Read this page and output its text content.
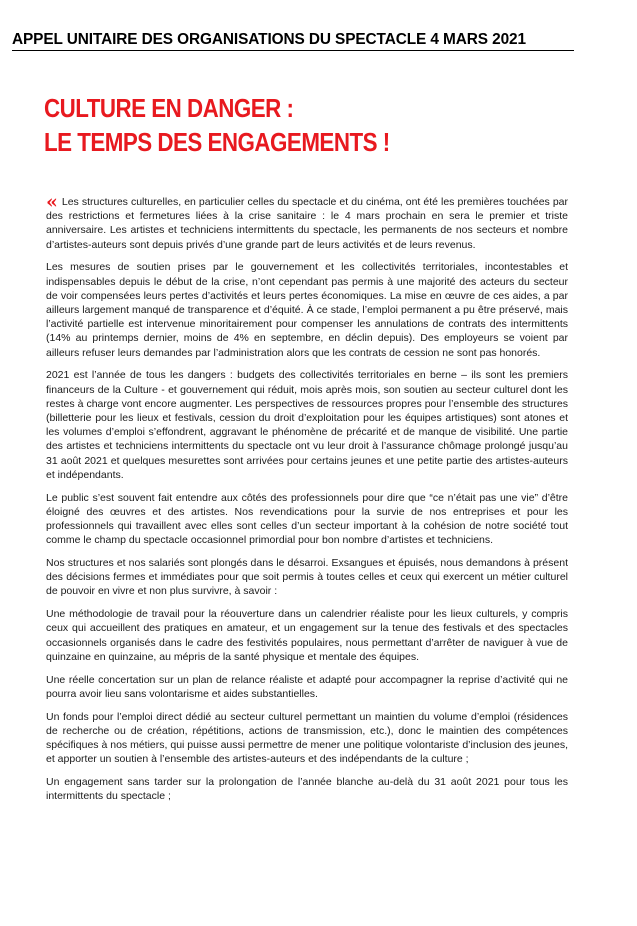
APPEL UNITAIRE DES ORGANISATIONS DU SPECTACLE 4 MARS 2021
CULTURE EN DANGER :
LE TEMPS DES ENGAGEMENTS !

« Les structures culturelles, en particulier celles du spectacle et du cinéma, ont été les premières touchées par des restrictions et fermetures liées à la crise sanitaire : le 4 mars prochain en sera le premier et triste anniversaire. Les artistes et techniciens intermittents du spectacle, les permanents de nos secteurs et nombre d’artistes-auteurs sont depuis privés d’une grande part de leurs activités et de leurs revenus.

Les mesures de soutien prises par le gouvernement et les collectivités territoriales, incontestables et indispensables depuis le début de la crise, n’ont cependant pas permis à une majorité des acteurs du secteur de voir compensées leurs pertes d’activités et leurs pertes économiques. La mise en œuvre de ces aides, a par ailleurs largement manqué de transparence et d’équité. À ce stade, l’emploi permanent a pu être préservé, mais l’activité partielle est intervenue minoritairement pour compenser les annulations de contrats des intermittents (14% au printemps dernier, moins de 4% en septembre, en déclin depuis). Des employeurs se voient par ailleurs refuser leurs demandes par l’administration alors que les contrats de cession ne sont pas honorés.

2021 est l’année de tous les dangers : budgets des collectivités territoriales en berne – ils sont les premiers financeurs de la Culture - et gouvernement qui réduit, mois après mois, son soutien au secteur culturel dont les restes à charge vont encore augmenter. Les perspectives de ressources propres pour l’ensemble des structures (billetterie pour les lieux et festivals, cession du droit d’exploitation pour les équipes artistiques) sont atones et les volumes d’emploi s’effondrent, aggravant le phénomène de précarité et de manque de visibilité. Une partie des artistes et techniciens intermittents du spectacle ont vu leur droit à l’assurance chômage prolongé jusqu’au 31 août 2021 et quelques mesurettes sont arrivées pour certains jeunes et une petite partie des artistes-auteurs et indépendants.

Le public s’est souvent fait entendre aux côtés des professionnels pour dire que “ce n’était pas une vie” d’être éloigné des œuvres et des artistes. Nos revendications pour la survie de nos entreprises et pour les professionnels qui travaillent avec elles sont celles d’un secteur important à la cohésion de notre société tout comme le champ du spectacle occasionnel primordial pour bon nombre d’artistes et techniciens.

Nos structures et nos salariés sont plongés dans le désarroi. Exsangues et épuisés, nous demandons à présent des décisions fermes et immédiates pour que soit permis à toutes celles et ceux qui exercent un métier culturel de pouvoir en vivre et non plus survivre, à savoir :

Une méthodologie de travail pour la réouverture dans un calendrier réaliste pour les lieux culturels, y compris ceux qui accueillent des pratiques en amateur, et un engagement sur la tenue des festivals et des spectacles occasionnels organisés dans le cadre des festivités populaires, nous permettant d’arrêter de naviguer à vue de quinzaine en quinzaine, au mépris de la santé physique et mentale des équipes.

Une réelle concertation sur un plan de relance réaliste et adapté pour accompagner la reprise d’activité qui ne pourra avoir lieu sans volontarisme et aides substantielles.

Un fonds pour l’emploi direct dédié au secteur culturel permettant un maintien du volume d’emploi (résidences de recherche ou de création, répétitions, actions de transmission, etc.), donc le maintien des compétences spécifiques à nos métiers, qui puisse aussi permettre de mener une politique volontariste d’inclusion des jeunes, et apporter un soutien à l’ensemble des artistes-auteurs et des indépendants de la culture ;

Un engagement sans tarder sur la prolongation de l’année blanche au-delà du 31 août 2021 pour tous les intermittents du spectacle ;
